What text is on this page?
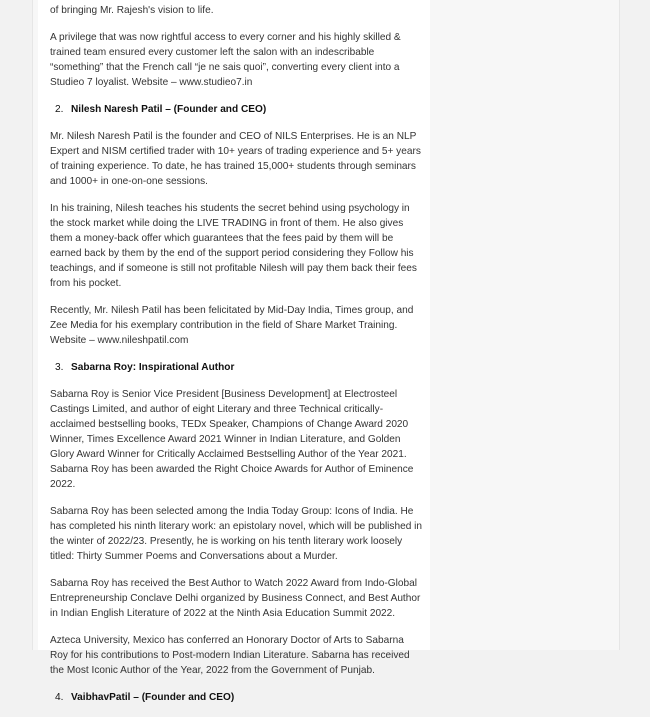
of bringing Mr. Rajesh's vision to life.

A privilege that was now rightful access to every corner and his highly skilled & trained team ensured every customer left the salon with an indescribable “something” that the French call “je ne sais quoi”, converting every client into a Studieo 7 loyalist. Website – www.studieo7.in

2. Nilesh Naresh Patil – (Founder and CEO)

Mr. Nilesh Naresh Patil is the founder and CEO of NILS Enterprises. He is an NLP Expert and NISM certified trader with 10+ years of trading experience and 5+ years of training experience. To date, he has trained 15,000+ students through seminars and 1000+ in one-on-one sessions.

In his training, Nilesh teaches his students the secret behind using psychology in the stock market while doing the LIVE TRADING in front of them. He also gives them a money-back offer which guarantees that the fees paid by them will be earned back by them by the end of the support period considering they Follow his teachings, and if someone is still not profitable Nilesh will pay them back their fees from his pocket.

Recently, Mr. Nilesh Patil has been felicitated by Mid-Day India, Times group, and Zee Media for his exemplary contribution in the field of Share Market Training. Website – www.nileshpatil.com

3. Sabarna Roy: Inspirational Author

Sabarna Roy is Senior Vice President [Business Development] at Electrosteel Castings Limited, and author of eight Literary and three Technical critically-acclaimed bestselling books, TEDx Speaker, Champions of Change Award 2020 Winner, Times Excellence Award 2021 Winner in Indian Literature, and Golden Glory Award Winner for Critically Acclaimed Bestselling Author of the Year 2021. Sabarna Roy has been awarded the Right Choice Awards for Author of Eminence 2022.

Sabarna Roy has been selected among the India Today Group: Icons of India. He has completed his ninth literary work: an epistolary novel, which will be published in the winter of 2022/23. Presently, he is working on his tenth literary work loosely titled: Thirty Summer Poems and Conversations about a Murder.

Sabarna Roy has received the Best Author to Watch 2022 Award from Indo-Global Entrepreneurship Conclave Delhi organized by Business Connect, and Best Author in Indian English Literature of 2022 at the Ninth Asia Education Summit 2022.

Azteca University, Mexico has conferred an Honorary Doctor of Arts to Sabarna Roy for his contributions to Post-modern Indian Literature. Sabarna has received the Most Iconic Author of the Year, 2022 from the Government of Punjab.

4. VaibhavPatil – (Founder and CEO)
